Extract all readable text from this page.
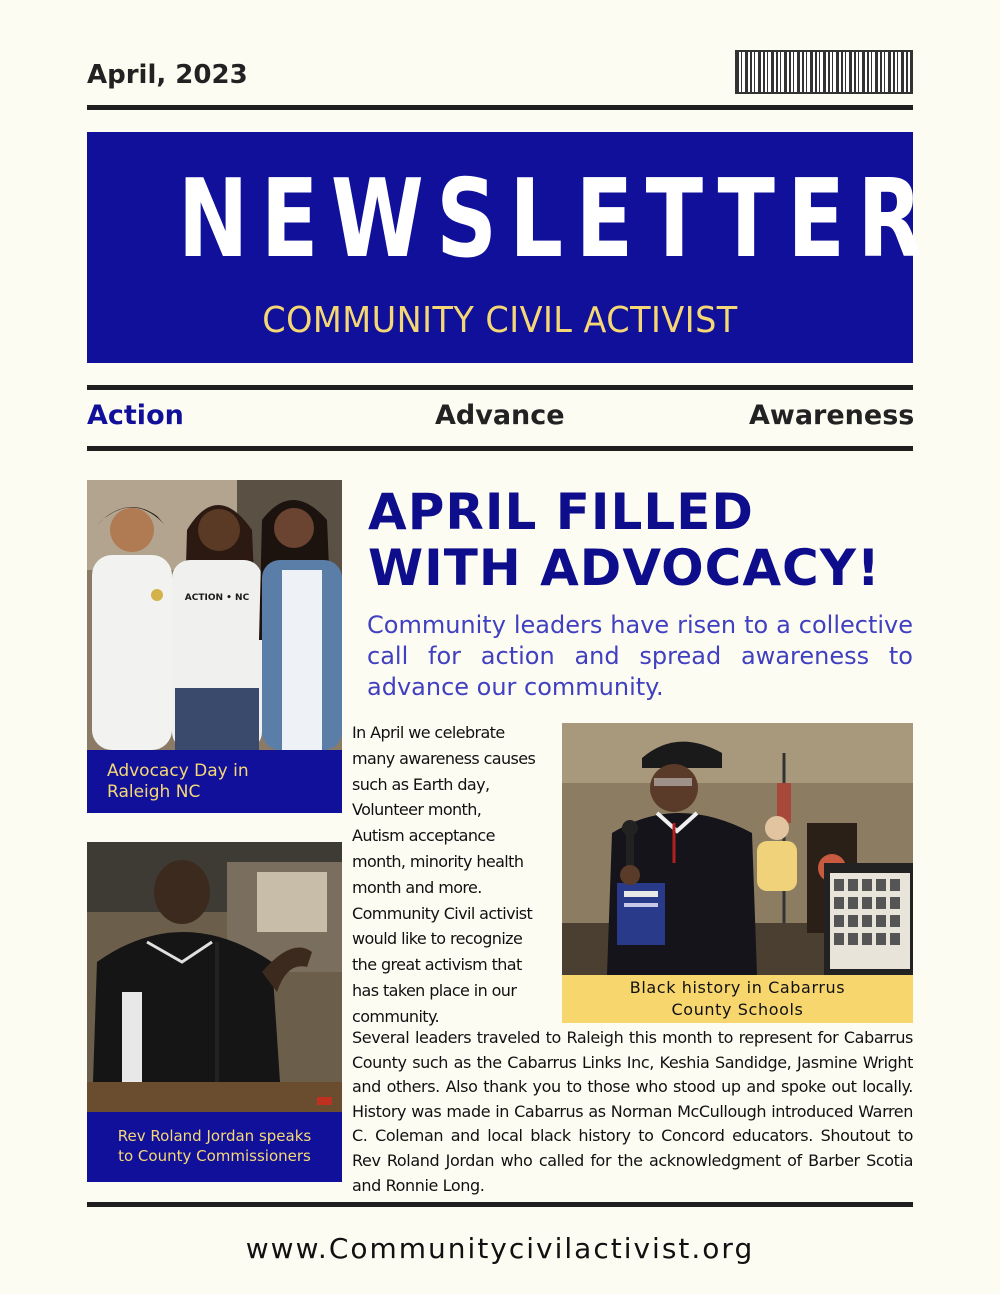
April, 2023
NEWSLETTER
COMMUNITY CIVIL ACTIVIST
Action	Advance	Awareness
ACTION • NC
Advocacy Day in
Raleigh NC
Rev Roland Jordan speaks
to County Commissioners
APRIL FILLED
WITH ADVOCACY!
Community leaders have risen to a collective call for action and spread awareness to advance our community.
In April we celebrate
many awareness causes
such as Earth day,
Volunteer month,
Autism acceptance
month, minority health
month and more.
Community Civil activist
would like to recognize
the great activism that
has taken place in our
community.
Black history in Cabarrus
County Schools
Several leaders traveled to Raleigh this month to represent for Cabarrus County such as the Cabarrus Links Inc, Keshia Sandidge, Jasmine Wright and others. Also thank you to those who stood up and spoke out locally. History was made in Cabarrus as Norman McCullough introduced Warren C. Coleman and local black history to Concord educators. Shoutout to Rev Roland Jordan who called for the acknowledgment of Barber Scotia and Ronnie Long.
www.Communitycivilactivist.org
